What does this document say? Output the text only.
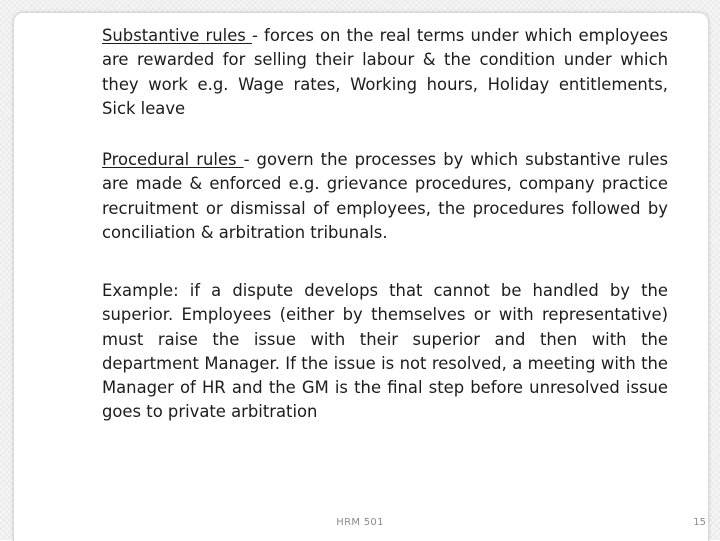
Substantive rules - forces on the real terms under which employees are rewarded for selling their labour & the condition under which they work e.g. Wage rates, Working hours, Holiday entitlements, Sick leave

Procedural rules - govern the processes by which substantive rules are made & enforced e.g. grievance procedures, company practice recruitment or dismissal of employees, the procedures followed by conciliation & arbitration tribunals.

Example: if a dispute develops that cannot be handled by the superior. Employees (either by themselves or with representative) must raise the issue with their superior and then with the department Manager. If the issue is not resolved, a meeting with the Manager of HR and the GM is the final step before unresolved issue goes to private arbitration

HRM 501	15
